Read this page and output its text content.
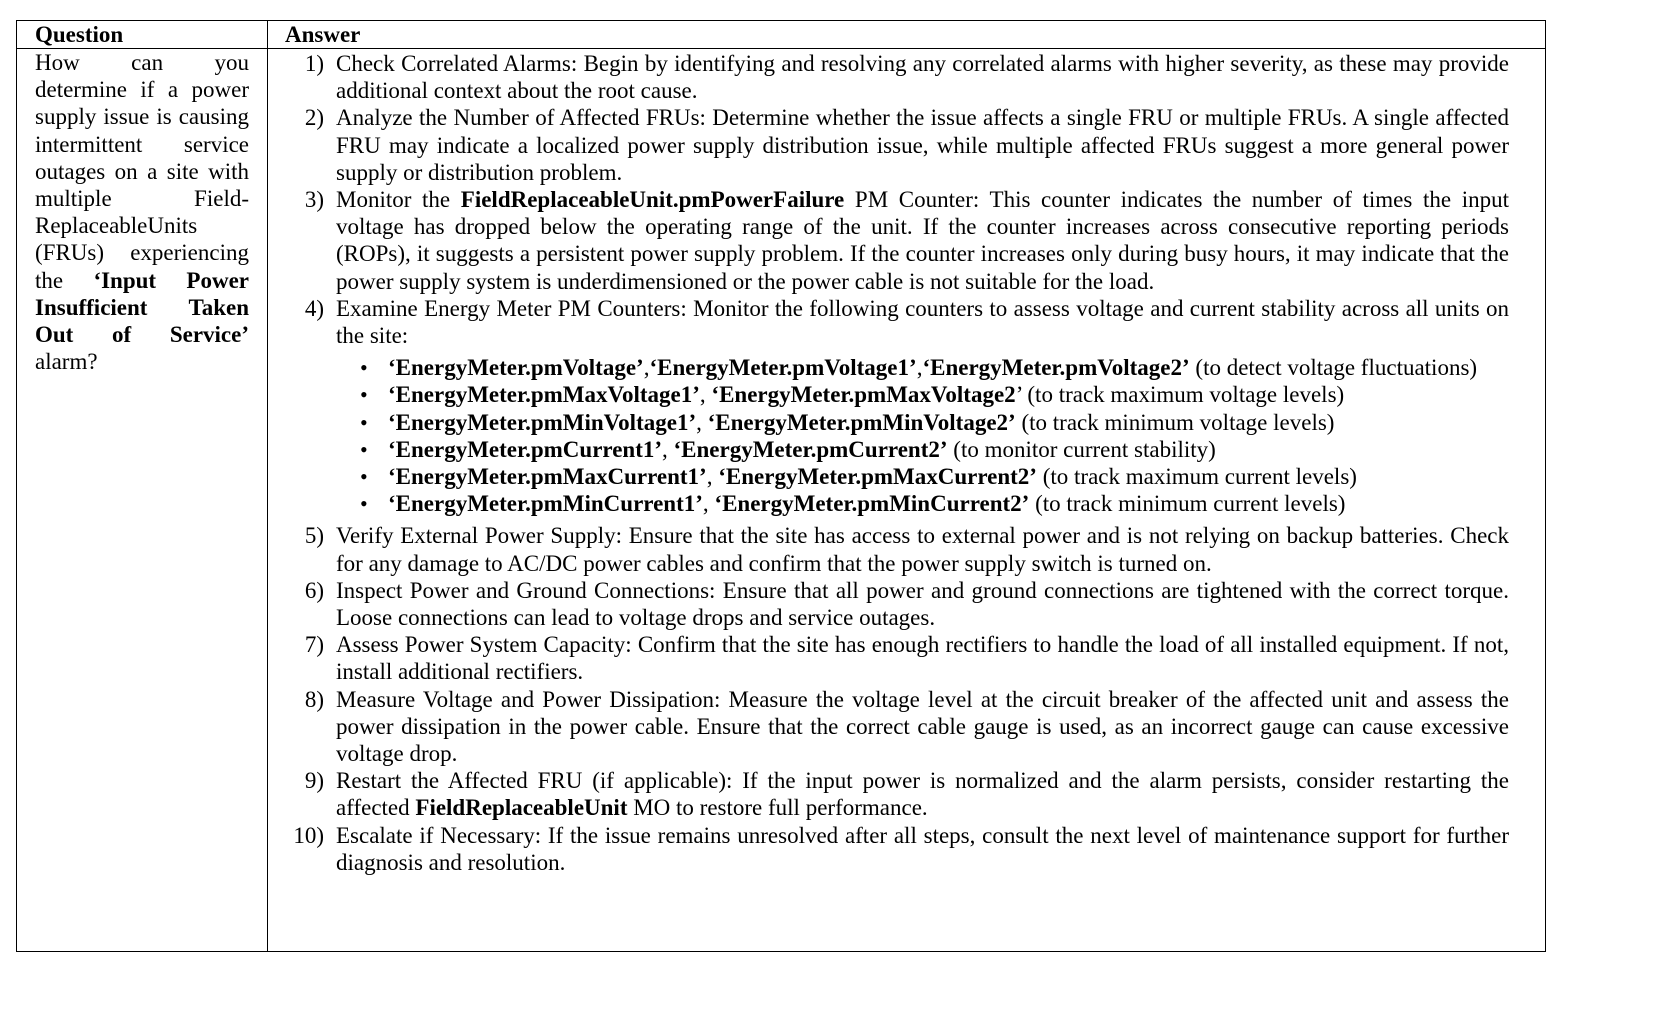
Question	Answer
How can you determine if a power supply issue is causing intermittent service outages on a site with multiple Field-ReplaceableUnits (FRUs) experiencing the ‘Input Power Insufficient Taken Out of Service’ alarm?
1) Check Correlated Alarms: Begin by identifying and resolving any correlated alarms with higher severity, as these may provide additional context about the root cause.
2) Analyze the Number of Affected FRUs: Determine whether the issue affects a single FRU or multiple FRUs. A single affected FRU may indicate a localized power supply distribution issue, while multiple affected FRUs suggest a more general power supply or distribution problem.
3) Monitor the FieldReplaceableUnit.pmPowerFailure PM Counter: This counter indicates the number of times the input voltage has dropped below the operating range of the unit. If the counter increases across consecutive reporting periods (ROPs), it suggests a persistent power supply problem. If the counter increases only during busy hours, it may indicate that the power supply system is underdimensioned or the power cable is not suitable for the load.
4) Examine Energy Meter PM Counters: Monitor the following counters to assess voltage and current stability across all units on the site:
• ‘EnergyMeter.pmVoltage’,‘EnergyMeter.pmVoltage1’,‘EnergyMeter.pmVoltage2’ (to detect voltage fluctuations)
• ‘EnergyMeter.pmMaxVoltage1’, ‘EnergyMeter.pmMaxVoltage2’ (to track maximum voltage levels)
• ‘EnergyMeter.pmMinVoltage1’, ‘EnergyMeter.pmMinVoltage2’ (to track minimum voltage levels)
• ‘EnergyMeter.pmCurrent1’, ‘EnergyMeter.pmCurrent2’ (to monitor current stability)
• ‘EnergyMeter.pmMaxCurrent1’, ‘EnergyMeter.pmMaxCurrent2’ (to track maximum current levels)
• ‘EnergyMeter.pmMinCurrent1’, ‘EnergyMeter.pmMinCurrent2’ (to track minimum current levels)
5) Verify External Power Supply: Ensure that the site has access to external power and is not relying on backup batteries. Check for any damage to AC/DC power cables and confirm that the power supply switch is turned on.
6) Inspect Power and Ground Connections: Ensure that all power and ground connections are tightened with the correct torque. Loose connections can lead to voltage drops and service outages.
7) Assess Power System Capacity: Confirm that the site has enough rectifiers to handle the load of all installed equipment. If not, install additional rectifiers.
8) Measure Voltage and Power Dissipation: Measure the voltage level at the circuit breaker of the affected unit and assess the power dissipation in the power cable. Ensure that the correct cable gauge is used, as an incorrect gauge can cause excessive voltage drop.
9) Restart the Affected FRU (if applicable): If the input power is normalized and the alarm persists, consider restarting the affected FieldReplaceableUnit MO to restore full performance.
10) Escalate if Necessary: If the issue remains unresolved after all steps, consult the next level of maintenance support for further diagnosis and resolution.
